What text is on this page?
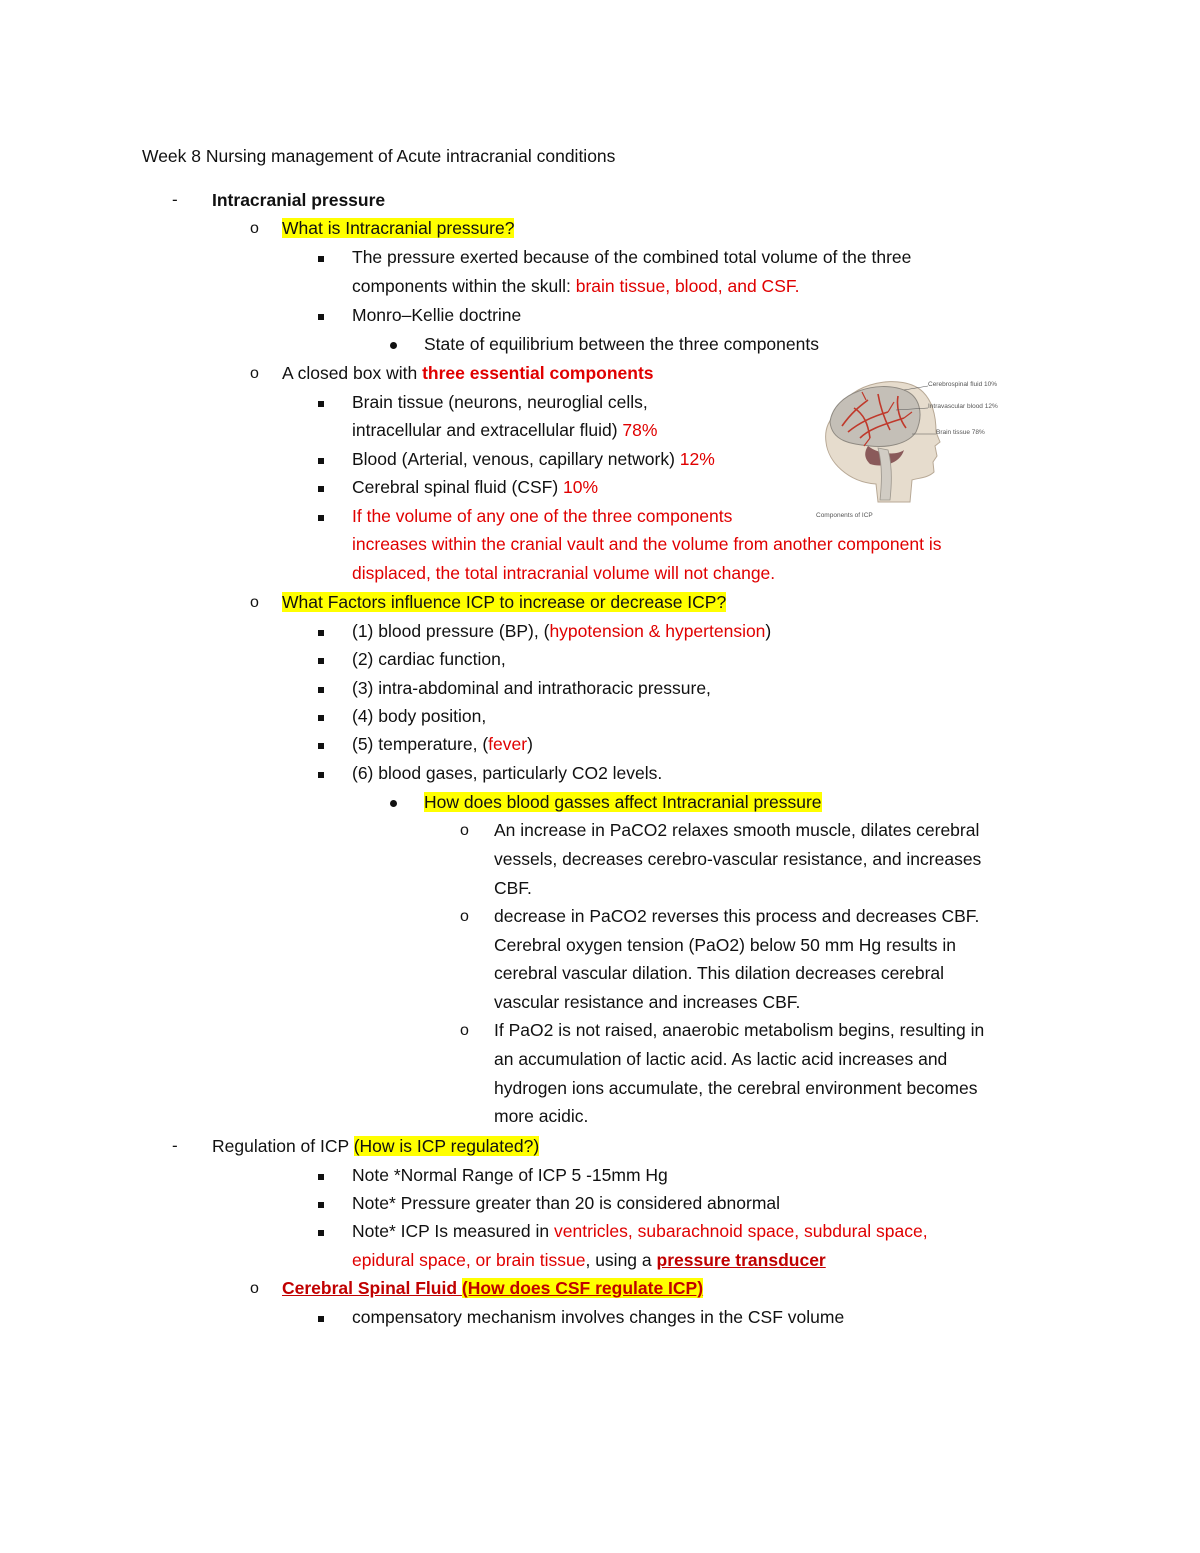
Week 8 Nursing management of Acute intracranial conditions
- Intracranial pressure
o What is Intracranial pressure?
The pressure exerted because of the combined total volume of the three
components within the skull: brain tissue, blood, and CSF.
Monro–Kellie doctrine
State of equilibrium between the three components
o A closed box with three essential components
Brain tissue (neurons, neuroglial cells,
intracellular and extracellular fluid) 78%
Blood (Arterial, venous, capillary network) 12%
Cerebral spinal fluid (CSF) 10%
If the volume of any one of the three components
increases within the cranial vault and the volume from another component is
displaced, the total intracranial volume will not change.
Cerebrospinal fluid 10%
Intravascular blood 12%
Brain tissue 78%
Components of ICP
o What Factors influence ICP to increase or decrease ICP?
(1) blood pressure (BP), (hypotension & hypertension)
(2) cardiac function,
(3) intra-abdominal and intrathoracic pressure,
(4) body position,
(5) temperature, (fever)
(6) blood gases, particularly CO2 levels.
How does blood gasses affect Intracranial pressure
o An increase in PaCO2 relaxes smooth muscle, dilates cerebral
vessels, decreases cerebro-vascular resistance, and increases
CBF.
o decrease in PaCO2 reverses this process and decreases CBF.
Cerebral oxygen tension (PaO2) below 50 mm Hg results in
cerebral vascular dilation. This dilation decreases cerebral
vascular resistance and increases CBF.
o If PaO2 is not raised, anaerobic metabolism begins, resulting in
an accumulation of lactic acid. As lactic acid increases and
hydrogen ions accumulate, the cerebral environment becomes
more acidic.
- Regulation of ICP (How is ICP regulated?)
Note *Normal Range of ICP 5 -15mm Hg
Note* Pressure greater than 20 is considered abnormal
Note* ICP Is measured in ventricles, subarachnoid space, subdural space,
epidural space, or brain tissue, using a pressure transducer
o Cerebral Spinal Fluid (How does CSF regulate ICP)
compensatory mechanism involves changes in the CSF volume
